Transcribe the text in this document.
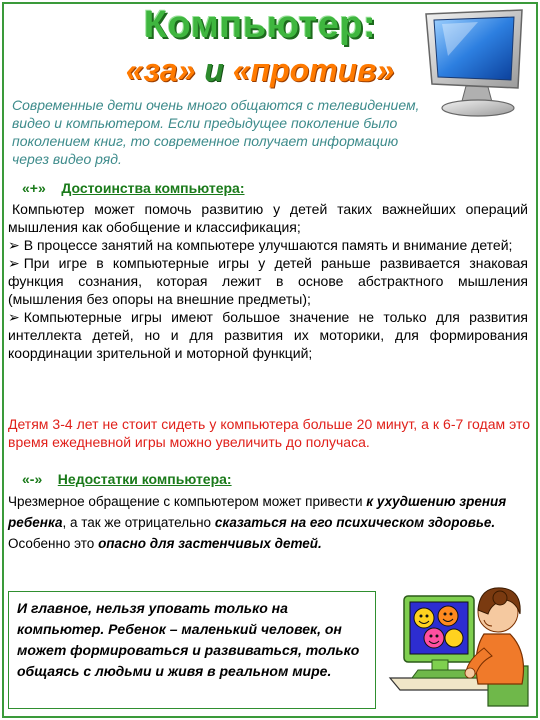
Компьютер:
«за» и «против»
Современные дети очень много общаются с телевидением, видео и компьютером. Если предыдущее поколение было поколением книг, то современное получает информацию через видео ряд.
«+» Достоинства компьютера:

Компьютер может помочь развитию у детей таких важнейших операций мышления как обобщение и классификация;

➢ В процессе занятий на компьютере улучшаются память и внимание детей;

➢ При игре в компьютерные игры у детей раньше развивается знаковая функция сознания, которая лежит в основе абстрактного мышления (мышления без опоры на внешние предметы);

➢ Компьютерные игры имеют большое значение не только для развития интеллекта детей, но и для развития их моторики, для формирования координации зрительной и моторной функций;

Детям 3-4 лет не стоит сидеть у компьютера больше 20 минут, а к 6-7 годам это время ежедневной игры можно увеличить до получаса.
«-» Недостатки компьютера:
Чрезмерное обращение с компьютером может привести к ухудшению зрения ребенка, а так же отрицательно сказаться на его психическом здоровье. Особенно это опасно для застенчивых детей.
И главное, нельзя уповать только на компьютер. Ребенок – маленький человек, он может формироваться и развиваться, только общаясь с людьми и живя в реальном мире.
